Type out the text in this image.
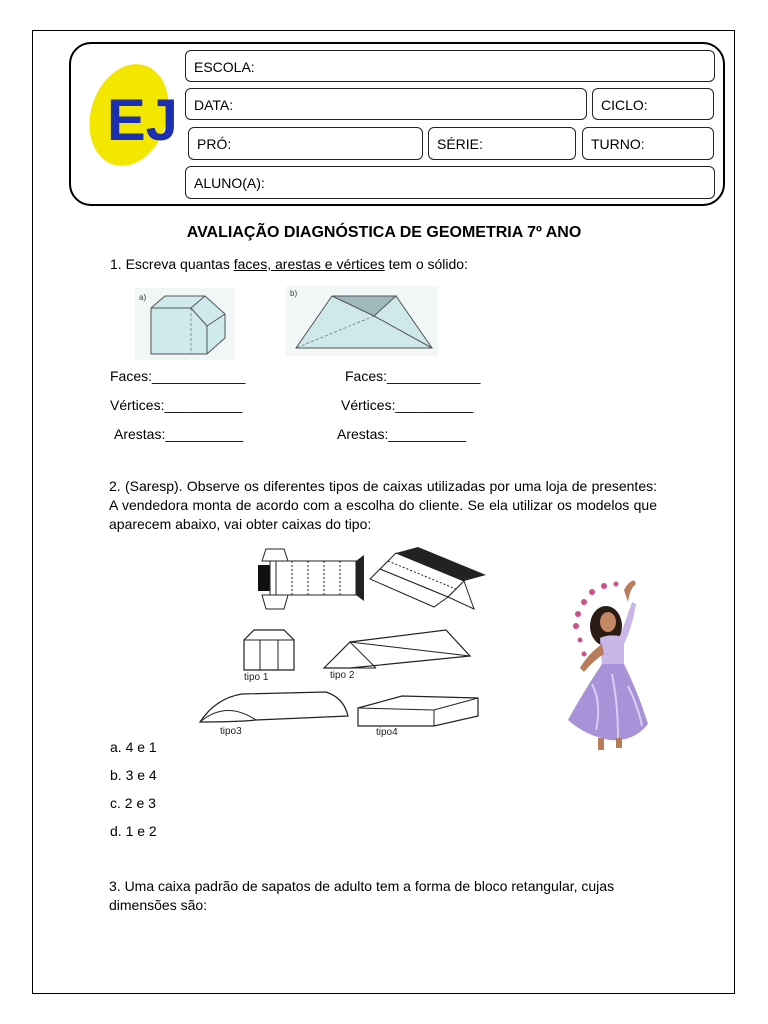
EJ
ESCOLA:
DATA:	CICLO:
PRÓ:	SÉRIE:	TURNO:
ALUNO(A):
AVALIAÇÃO DIAGNÓSTICA DE GEOMETRIA 7º ANO
1. Escreva quantas faces, arestas e vértices tem o sólido:
a)	b)
Faces:____________
Vértices:__________
Arestas:__________
Faces:____________
Vértices:__________
Arestas:__________
2. (Saresp). Observe os diferentes tipos de caixas utilizadas por uma loja de presentes: A vendedora monta de acordo com a escolha do cliente. Se ela utilizar os modelos que aparecem abaixo, vai obter caixas do tipo:
tipo 1	tipo 2
tipo3	tipo4
a. 4 e 1
b. 3 e 4
c. 2 e 3
d. 1 e 2
3. Uma caixa padrão de sapatos de adulto tem a forma de bloco retangular, cujas dimensões são:
